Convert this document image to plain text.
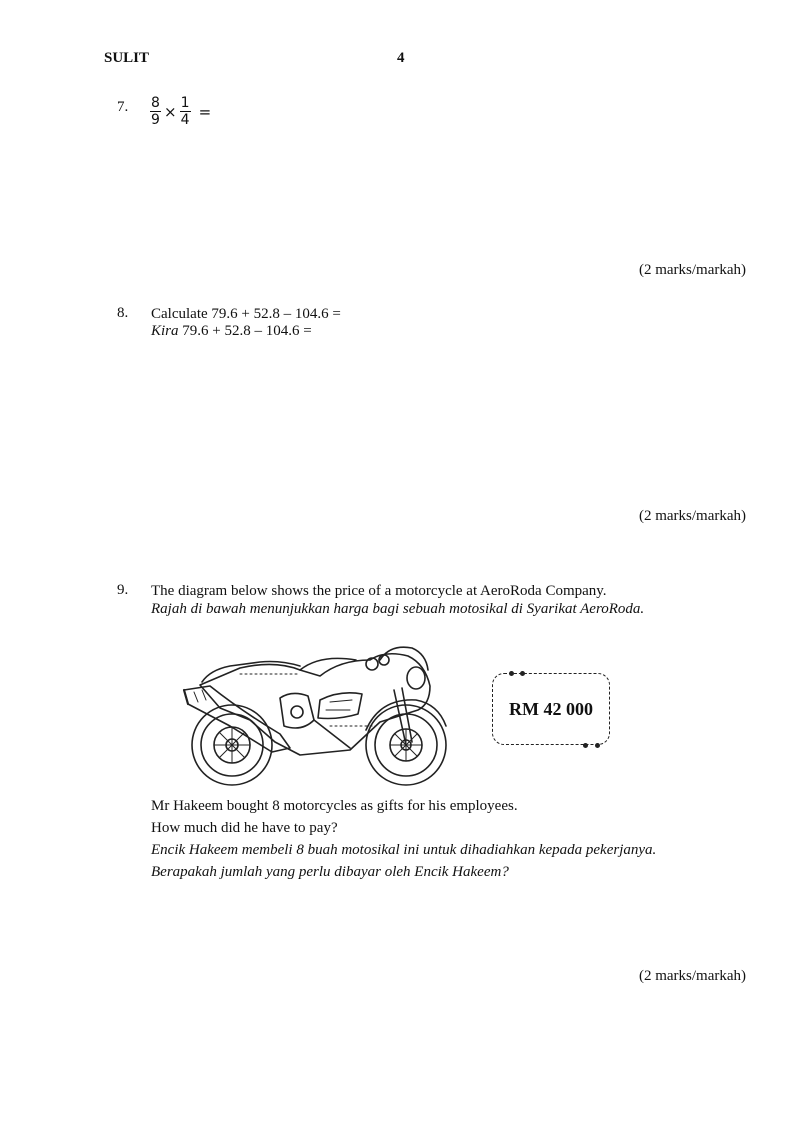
SULIT	4
7. $\frac{8}{9} \times \frac{1}{4}$ =
(2 marks/markah)
8. Calculate 79.6 + 52.8 – 104.6 =
Kira 79.6 + 52.8 – 104.6 =
(2 marks/markah)
9. The diagram below shows the price of a motorcycle at AeroRoda Company.
Rajah di bawah menunjukkan harga bagi sebuah motosikal di Syarikat AeroRoda.
RM 42 000
Mr Hakeem bought 8 motorcycles as gifts for his employees.
How much did he have to pay?
Encik Hakeem membeli 8 buah motosikal ini untuk dihadiahkan kepada pekerjanya.
Berapakah jumlah yang perlu dibayar oleh Encik Hakeem?
(2 marks/markah)
